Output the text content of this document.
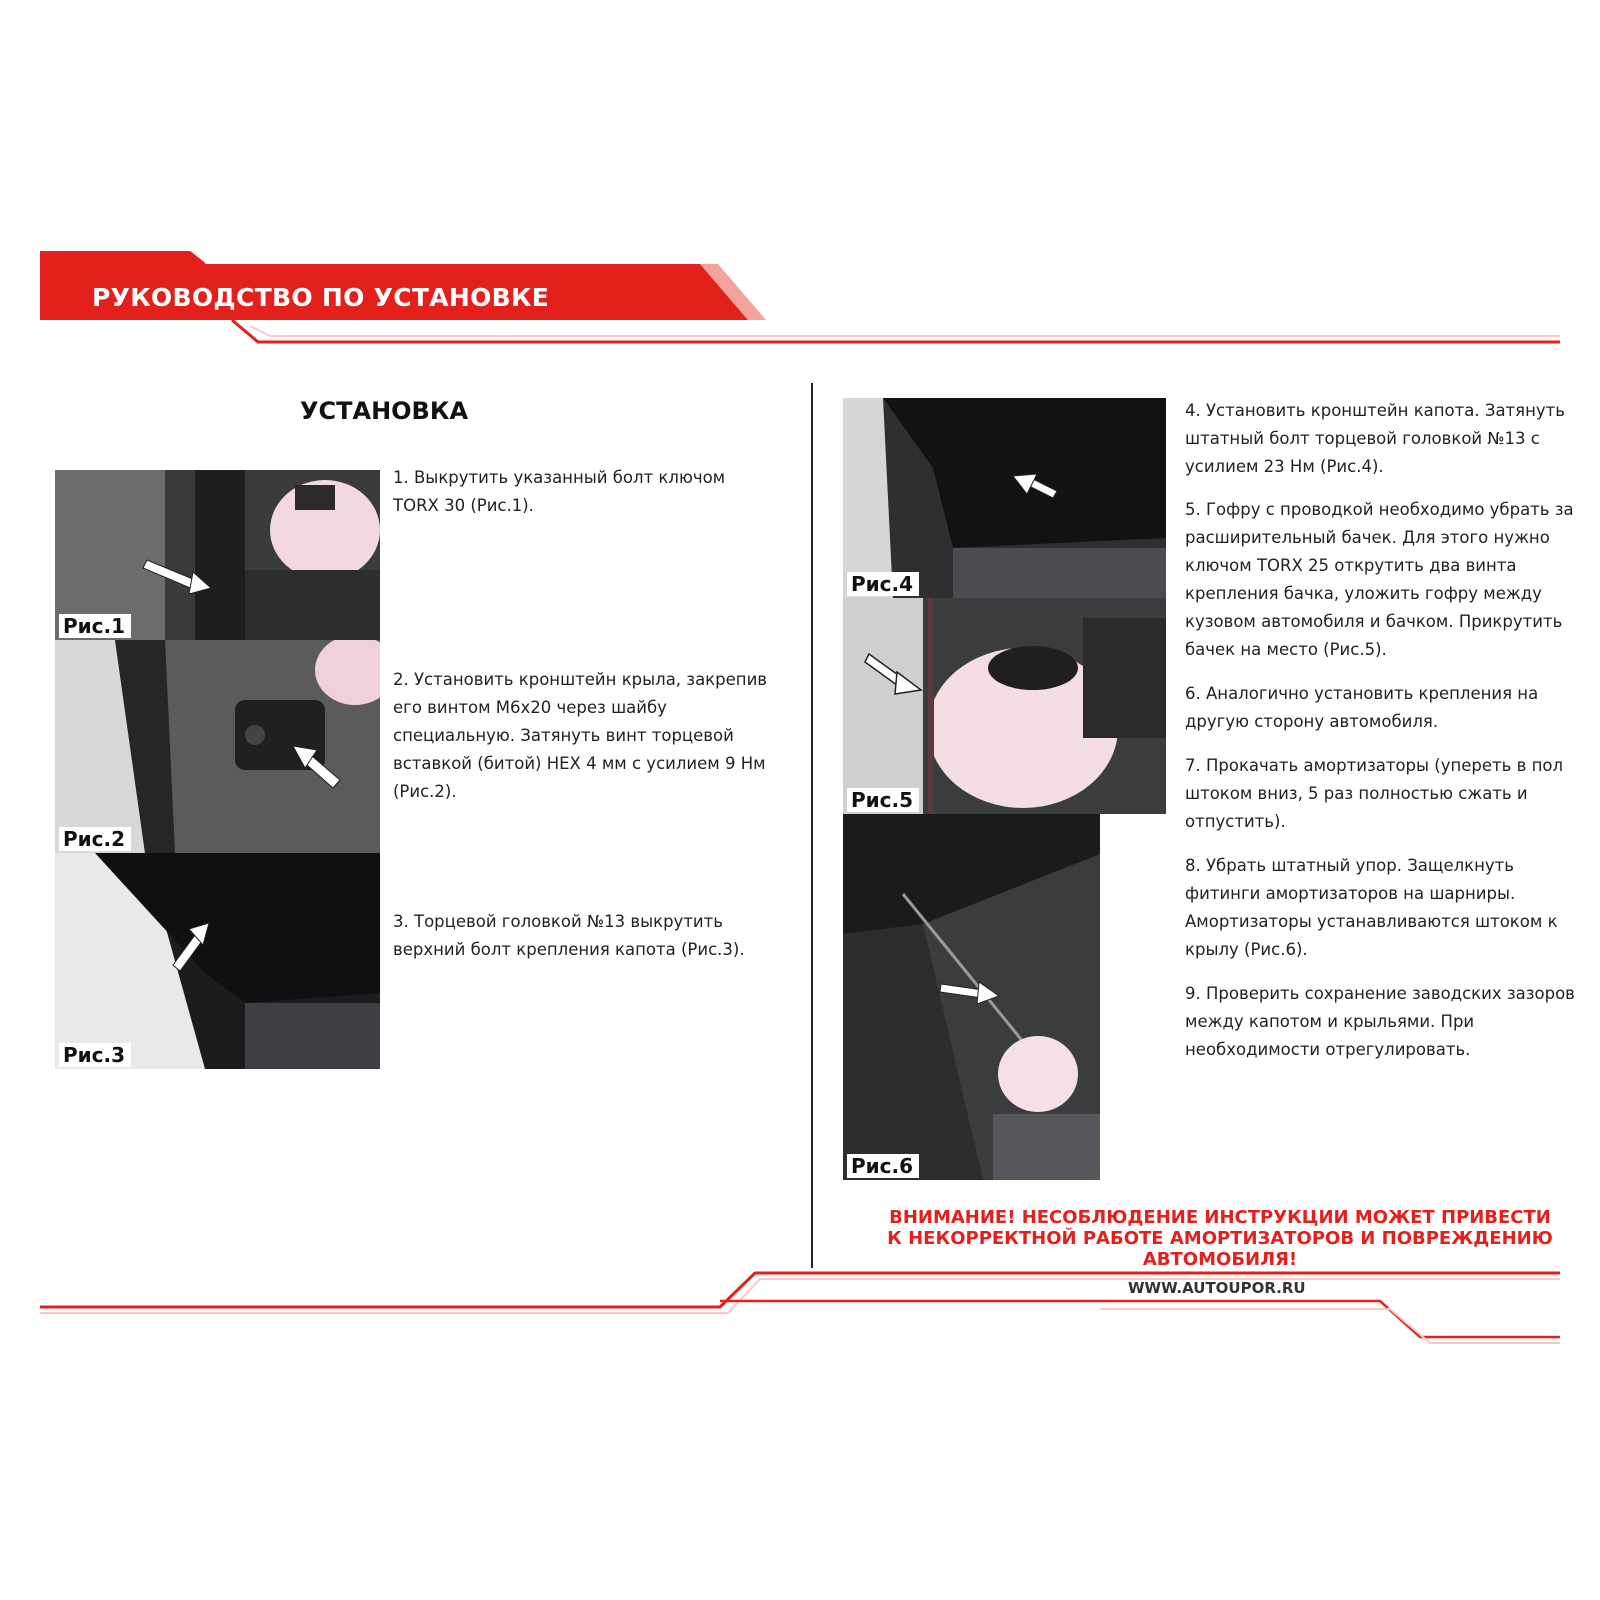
РУКОВОДСТВО ПО УСТАНОВКЕ
УСТАНОВКА
Рис.1
Рис.2
Рис.3
1. Выкрутить указанный болт ключом TORX 30 (Рис.1).
2. Установить кронштейн крыла, закрепив его винтом М6х20 через шайбу специальную. Затянуть винт торцевой вставкой (битой) HEX 4 мм с усилием 9 Нм (Рис.2).
3. Торцевой головкой №13 выкрутить верхний болт крепления капота (Рис.3).
Рис.4
Рис.5
Рис.6
4. Установить кронштейн капота. Затянуть штатный болт торцевой головкой №13 с усилием 23 Нм (Рис.4).
5. Гофру с проводкой необходимо убрать за расширительный бачек. Для этого нужно ключом TORX 25 открутить два винта крепления бачка, уложить гофру между кузовом автомобиля и бачком. Прикрутить бачек на место (Рис.5).
6. Аналогично установить крепления на другую сторону автомобиля.
7. Прокачать амортизаторы (упереть в пол штоком вниз, 5 раз полностью сжать и отпустить).
8. Убрать штатный упор. Защелкнуть фитинги амортизаторов на шарниры. Амортизаторы устанавливаются штоком к крылу (Рис.6).
9. Проверить сохранение заводских зазоров между капотом и крыльями. При необходимости отрегулировать.
ВНИМАНИЕ! НЕСОБЛЮДЕНИЕ ИНСТРУКЦИИ МОЖЕТ ПРИВЕСТИ К НЕКОРРЕКТНОЙ РАБОТЕ АМОРТИЗАТОРОВ И ПОВРЕЖДЕНИЮ АВТОМОБИЛЯ!
WWW.AUTOUPOR.RU
